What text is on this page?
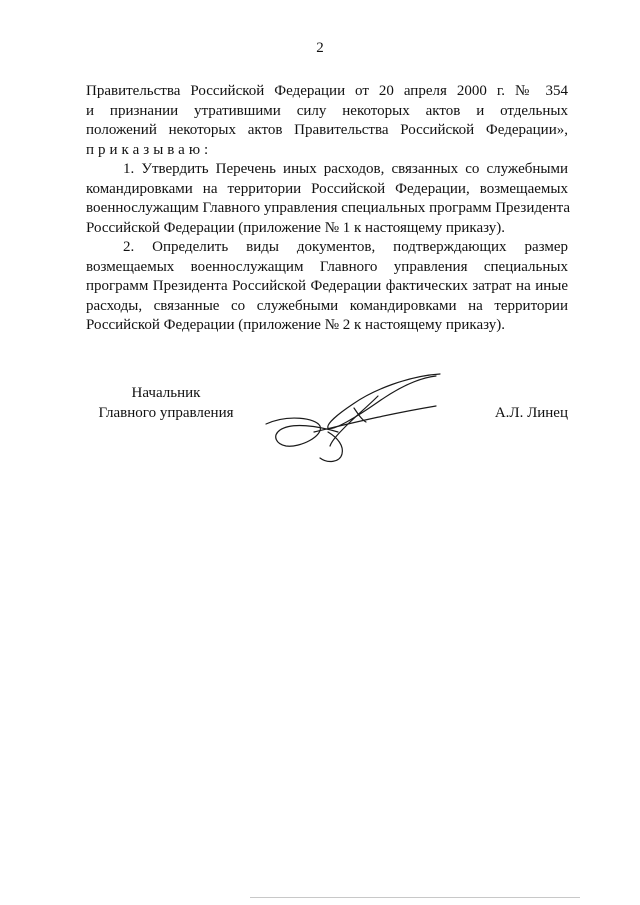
2

Правительства Российской Федерации от 20 апреля 2000 г. № 354
и признании утратившими силу некоторых актов и отдельных
положений некоторых актов Правительства Российской Федерации»,
приказываю:

1. Утвердить Перечень иных расходов, связанных со служебными
командировками на территории Российской Федерации, возмещаемых
военнослужащим Главного управления специальных программ Президента
Российской Федерации (приложение № 1 к настоящему приказу).

2. Определить виды документов, подтверждающих размер
возмещаемых военнослужащим Главного управления специальных
программ Президента Российской Федерации фактических затрат на иные
расходы, связанные со служебными командировками на территории
Российской Федерации (приложение № 2 к настоящему приказу).

Начальник
Главного управления	А.Л. Линец
